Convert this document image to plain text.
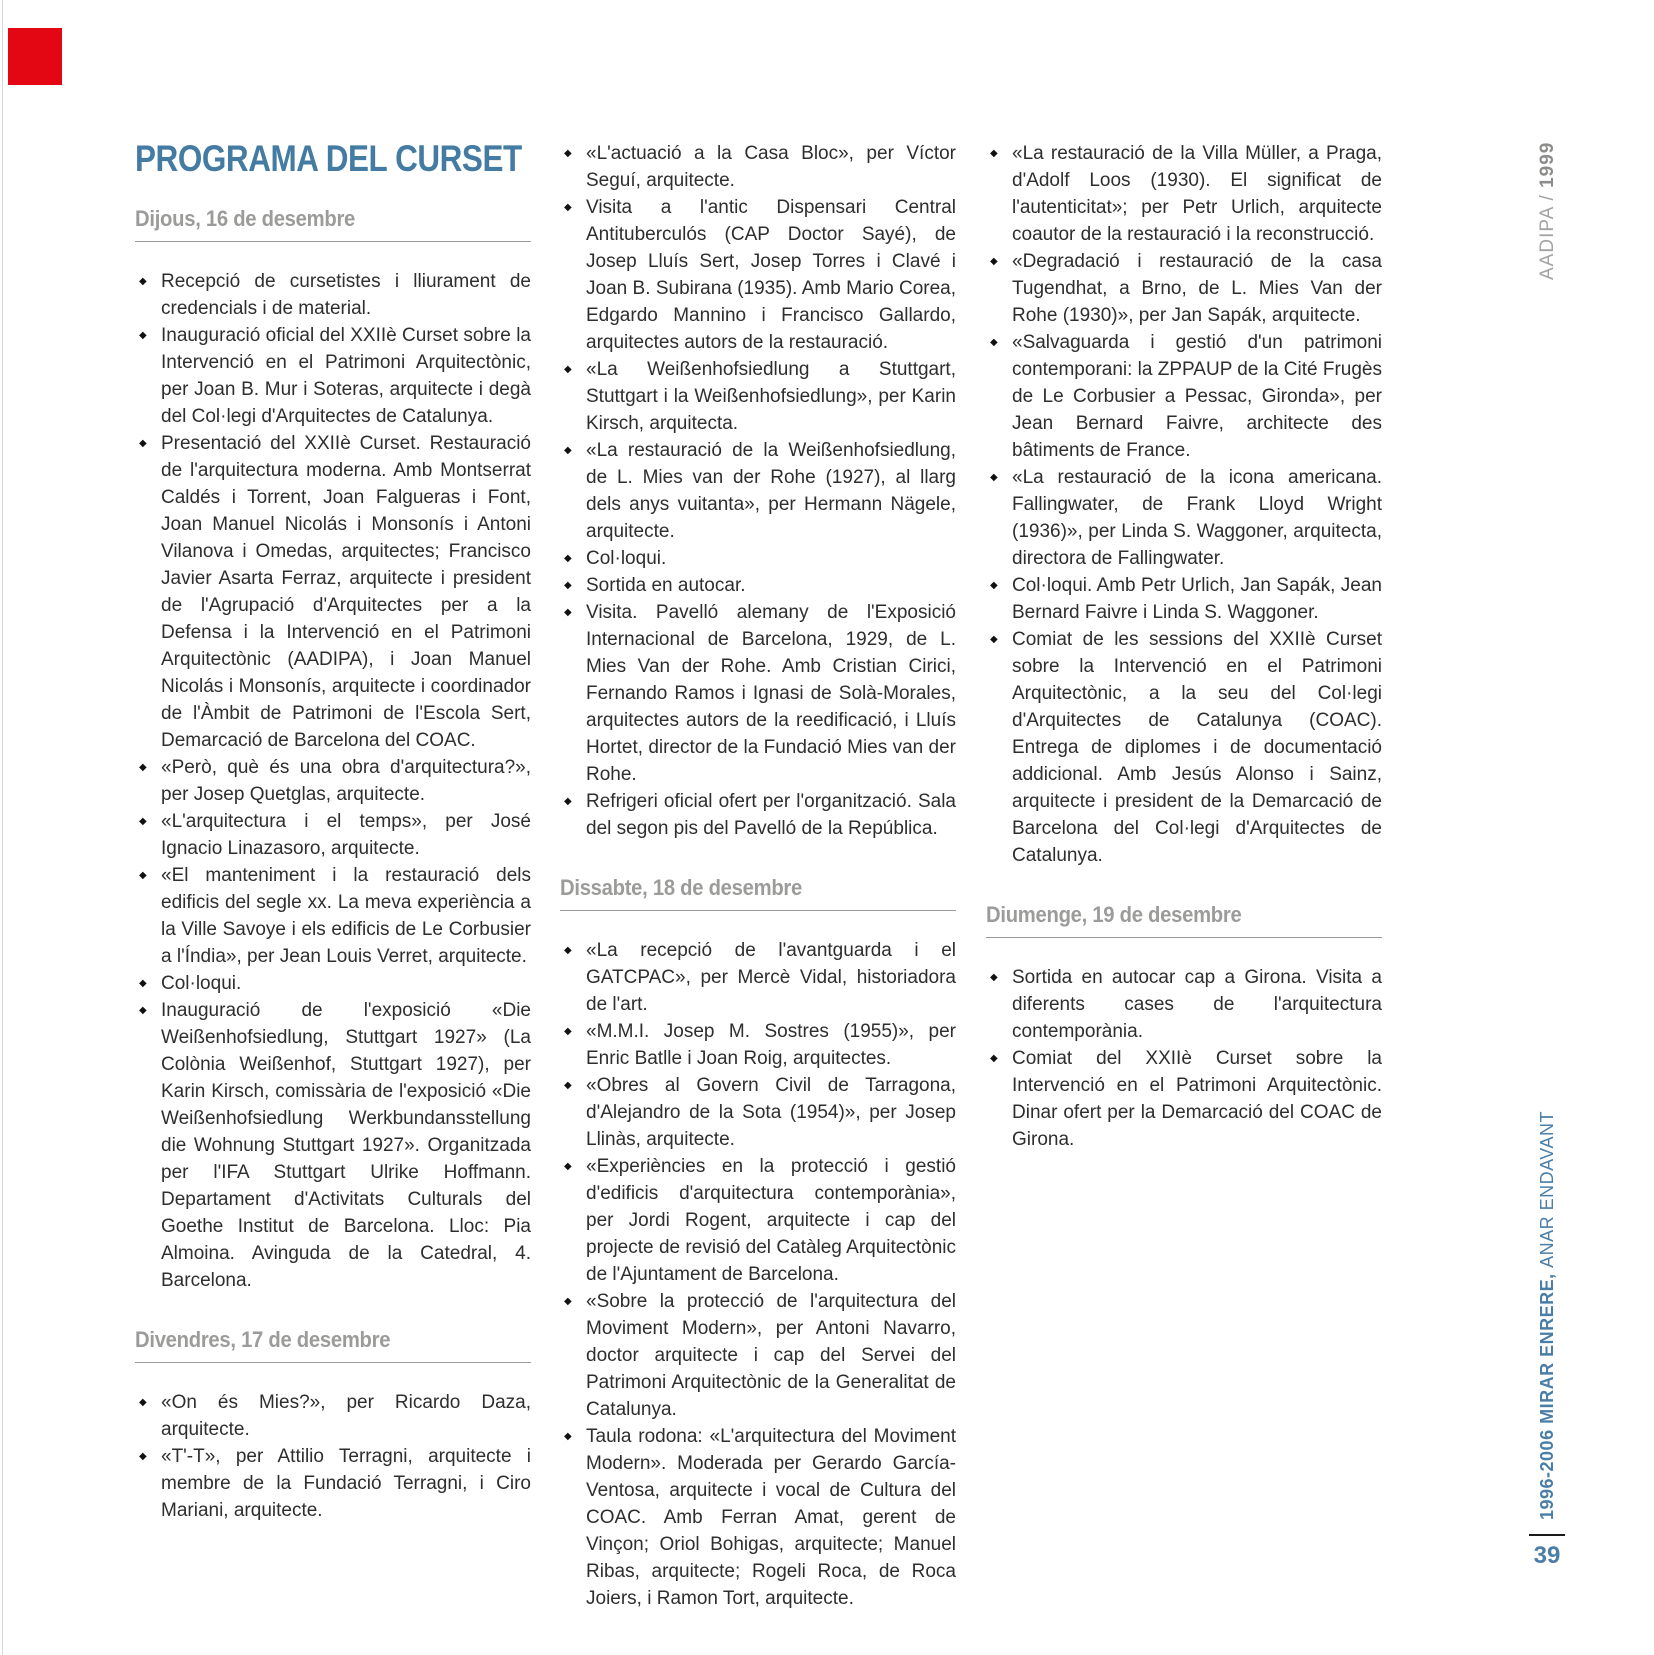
PROGRAMA DEL CURSET
Dijous, 16 de desembre
◆ Recepció de cursetistes i lliurament de credencials i de material.
◆ Inauguració oficial del XXIIè Curset sobre la Intervenció en el Patrimoni Arquitectònic, per Joan B. Mur i Soteras, arquitecte i degà del Col·legi d'Arquitectes de Catalunya.
◆ Presentació del XXIIè Curset. Restauració de l'arquitectura moderna. Amb Montserrat Caldés i Torrent, Joan Falgueras i Font, Joan Manuel Nicolás i Monsonís i Antoni Vilanova i Omedas, arquitectes; Francisco Javier Asarta Ferraz, arquitecte i president de l'Agrupació d'Arquitectes per a la Defensa i la Intervenció en el Patrimoni Arquitectònic (AADIPA), i Joan Manuel Nicolás i Monsonís, arquitecte i coordinador de l'Àmbit de Patrimoni de l'Escola Sert, Demarcació de Barcelona del COAC.
◆ «Però, què és una obra d'arquitectura?», per Josep Quetglas, arquitecte.
◆ «L'arquitectura i el temps», per José Ignacio Linazasoro, arquitecte.
◆ «El manteniment i la restauració dels edificis del segle xx. La meva experiència a la Ville Savoye i els edificis de Le Corbusier a l'Índia», per Jean Louis Verret, arquitecte.
◆ Col·loqui.
◆ Inauguració de l'exposició «Die Weißenhofsiedlung, Stuttgart 1927» (La Colònia Weißenhof, Stuttgart 1927), per Karin Kirsch, comissària de l'exposició «Die Weißenhofsiedlung Werkbundansstellung die Wohnung Stuttgart 1927». Organitzada per l'IFA Stuttgart Ulrike Hoffmann. Departament d'Activitats Culturals del Goethe Institut de Barcelona. Lloc: Pia Almoina. Avinguda de la Catedral, 4. Barcelona.
Divendres, 17 de desembre
◆ «On és Mies?», per Ricardo Daza, arquitecte.
◆ «T'-T», per Attilio Terragni, arquitecte i membre de la Fundació Terragni, i Ciro Mariani, arquitecte.
◆ «L'actuació a la Casa Bloc», per Víctor Seguí, arquitecte.
◆ Visita a l'antic Dispensari Central Antituberculós (CAP Doctor Sayé), de Josep Lluís Sert, Josep Torres i Clavé i Joan B. Subirana (1935). Amb Mario Corea, Edgardo Mannino i Francisco Gallardo, arquitectes autors de la restauració.
◆ «La Weißenhofsiedlung a Stuttgart, Stuttgart i la Weißenhofsiedlung», per Karin Kirsch, arquitecta.
◆ «La restauració de la Weißenhofsiedlung, de L. Mies van der Rohe (1927), al llarg dels anys vuitanta», per Hermann Nägele, arquitecte.
◆ Col·loqui.
◆ Sortida en autocar.
◆ Visita. Pavelló alemany de l'Exposició Internacional de Barcelona, 1929, de L. Mies Van der Rohe. Amb Cristian Cirici, Fernando Ramos i Ignasi de Solà-Morales, arquitectes autors de la reedificació, i Lluís Hortet, director de la Fundació Mies van der Rohe.
◆ Refrigeri oficial ofert per l'organització. Sala del segon pis del Pavelló de la República.
Dissabte, 18 de desembre
◆ «La recepció de l'avantguarda i el GATCPAC», per Mercè Vidal, historiadora de l'art.
◆ «M.M.I. Josep M. Sostres (1955)», per Enric Batlle i Joan Roig, arquitectes.
◆ «Obres al Govern Civil de Tarragona, d'Alejandro de la Sota (1954)», per Josep Llinàs, arquitecte.
◆ «Experiències en la protecció i gestió d'edificis d'arquitectura contemporània», per Jordi Rogent, arquitecte i cap del projecte de revisió del Catàleg Arquitectònic de l'Ajuntament de Barcelona.
◆ «Sobre la protecció de l'arquitectura del Moviment Modern», per Antoni Navarro, doctor arquitecte i cap del Servei del Patrimoni Arquitectònic de la Generalitat de Catalunya.
◆ Taula rodona: «L'arquitectura del Moviment Modern». Moderada per Gerardo García-Ventosa, arquitecte i vocal de Cultura del COAC. Amb Ferran Amat, gerent de Vinçon; Oriol Bohigas, arquitecte; Manuel Ribas, arquitecte; Rogeli Roca, de Roca Joiers, i Ramon Tort, arquitecte.
◆ «La restauració de la Villa Müller, a Praga, d'Adolf Loos (1930). El significat de l'autenticitat»; per Petr Urlich, arquitecte coautor de la restauració i la reconstrucció.
◆ «Degradació i restauració de la casa Tugendhat, a Brno, de L. Mies Van der Rohe (1930)», per Jan Sapák, arquitecte.
◆ «Salvaguarda i gestió d'un patrimoni contemporani: la ZPPAUP de la Cité Frugès de Le Corbusier a Pessac, Gironda», per Jean Bernard Faivre, architecte des bâtiments de France.
◆ «La restauració de la icona americana. Fallingwater, de Frank Lloyd Wright (1936)», per Linda S. Waggoner, arquitecta, directora de Fallingwater.
◆ Col·loqui. Amb Petr Urlich, Jan Sapák, Jean Bernard Faivre i Linda S. Waggoner.
◆ Comiat de les sessions del XXIIè Curset sobre la Intervenció en el Patrimoni Arquitectònic, a la seu del Col·legi d'Arquitectes de Catalunya (COAC). Entrega de diplomes i de documentació addicional. Amb Jesús Alonso i Sainz, arquitecte i president de la Demarcació de Barcelona del Col·legi d'Arquitectes de Catalunya.
Diumenge, 19 de desembre
◆ Sortida en autocar cap a Girona. Visita a diferents cases de l'arquitectura contemporània.
◆ Comiat del XXIIè Curset sobre la Intervenció en el Patrimoni Arquitectònic. Dinar ofert per la Demarcació del COAC de Girona.
AADIPA / 1999
1996-2006 MIRAR ENRERE, ANAR ENDAVANT
39
